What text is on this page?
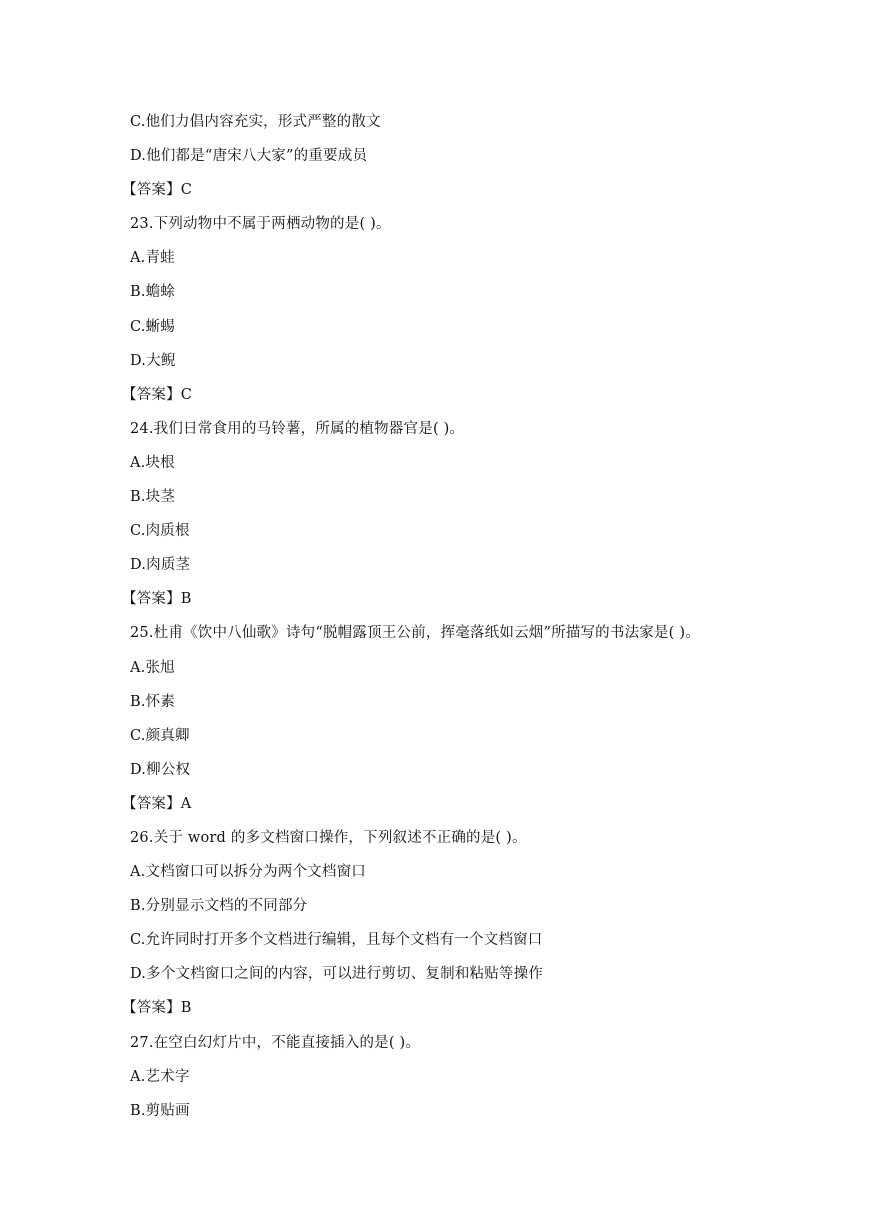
C.他们力倡内容充实，形式严整的散文
D.他们都是“唐宋八大家”的重要成员
【答案】C
23.下列动物中不属于两栖动物的是( )。
A.青蛙
B.蟾蜍
C.蜥蜴
D.大鲵
【答案】C
24.我们日常食用的马铃薯，所属的植物器官是( )。
A.块根
B.块茎
C.肉质根
D.肉质茎
【答案】B
25.杜甫《饮中八仙歌》诗句“脱帽露顶王公前，挥毫落纸如云烟”所描写的书法家是( )。
A.张旭
B.怀素
C.颜真卿
D.柳公权
【答案】A
26.关于 word 的多文档窗口操作，下列叙述不正确的是( )。
A.文档窗口可以拆分为两个文档窗口
B.分别显示文档的不同部分
C.允许同时打开多个文档进行编辑，且每个文档有一个文档窗口
D.多个文档窗口之间的内容，可以进行剪切、复制和粘贴等操作
【答案】B
27.在空白幻灯片中，不能直接插入的是( )。
A.艺术字
B.剪贴画
